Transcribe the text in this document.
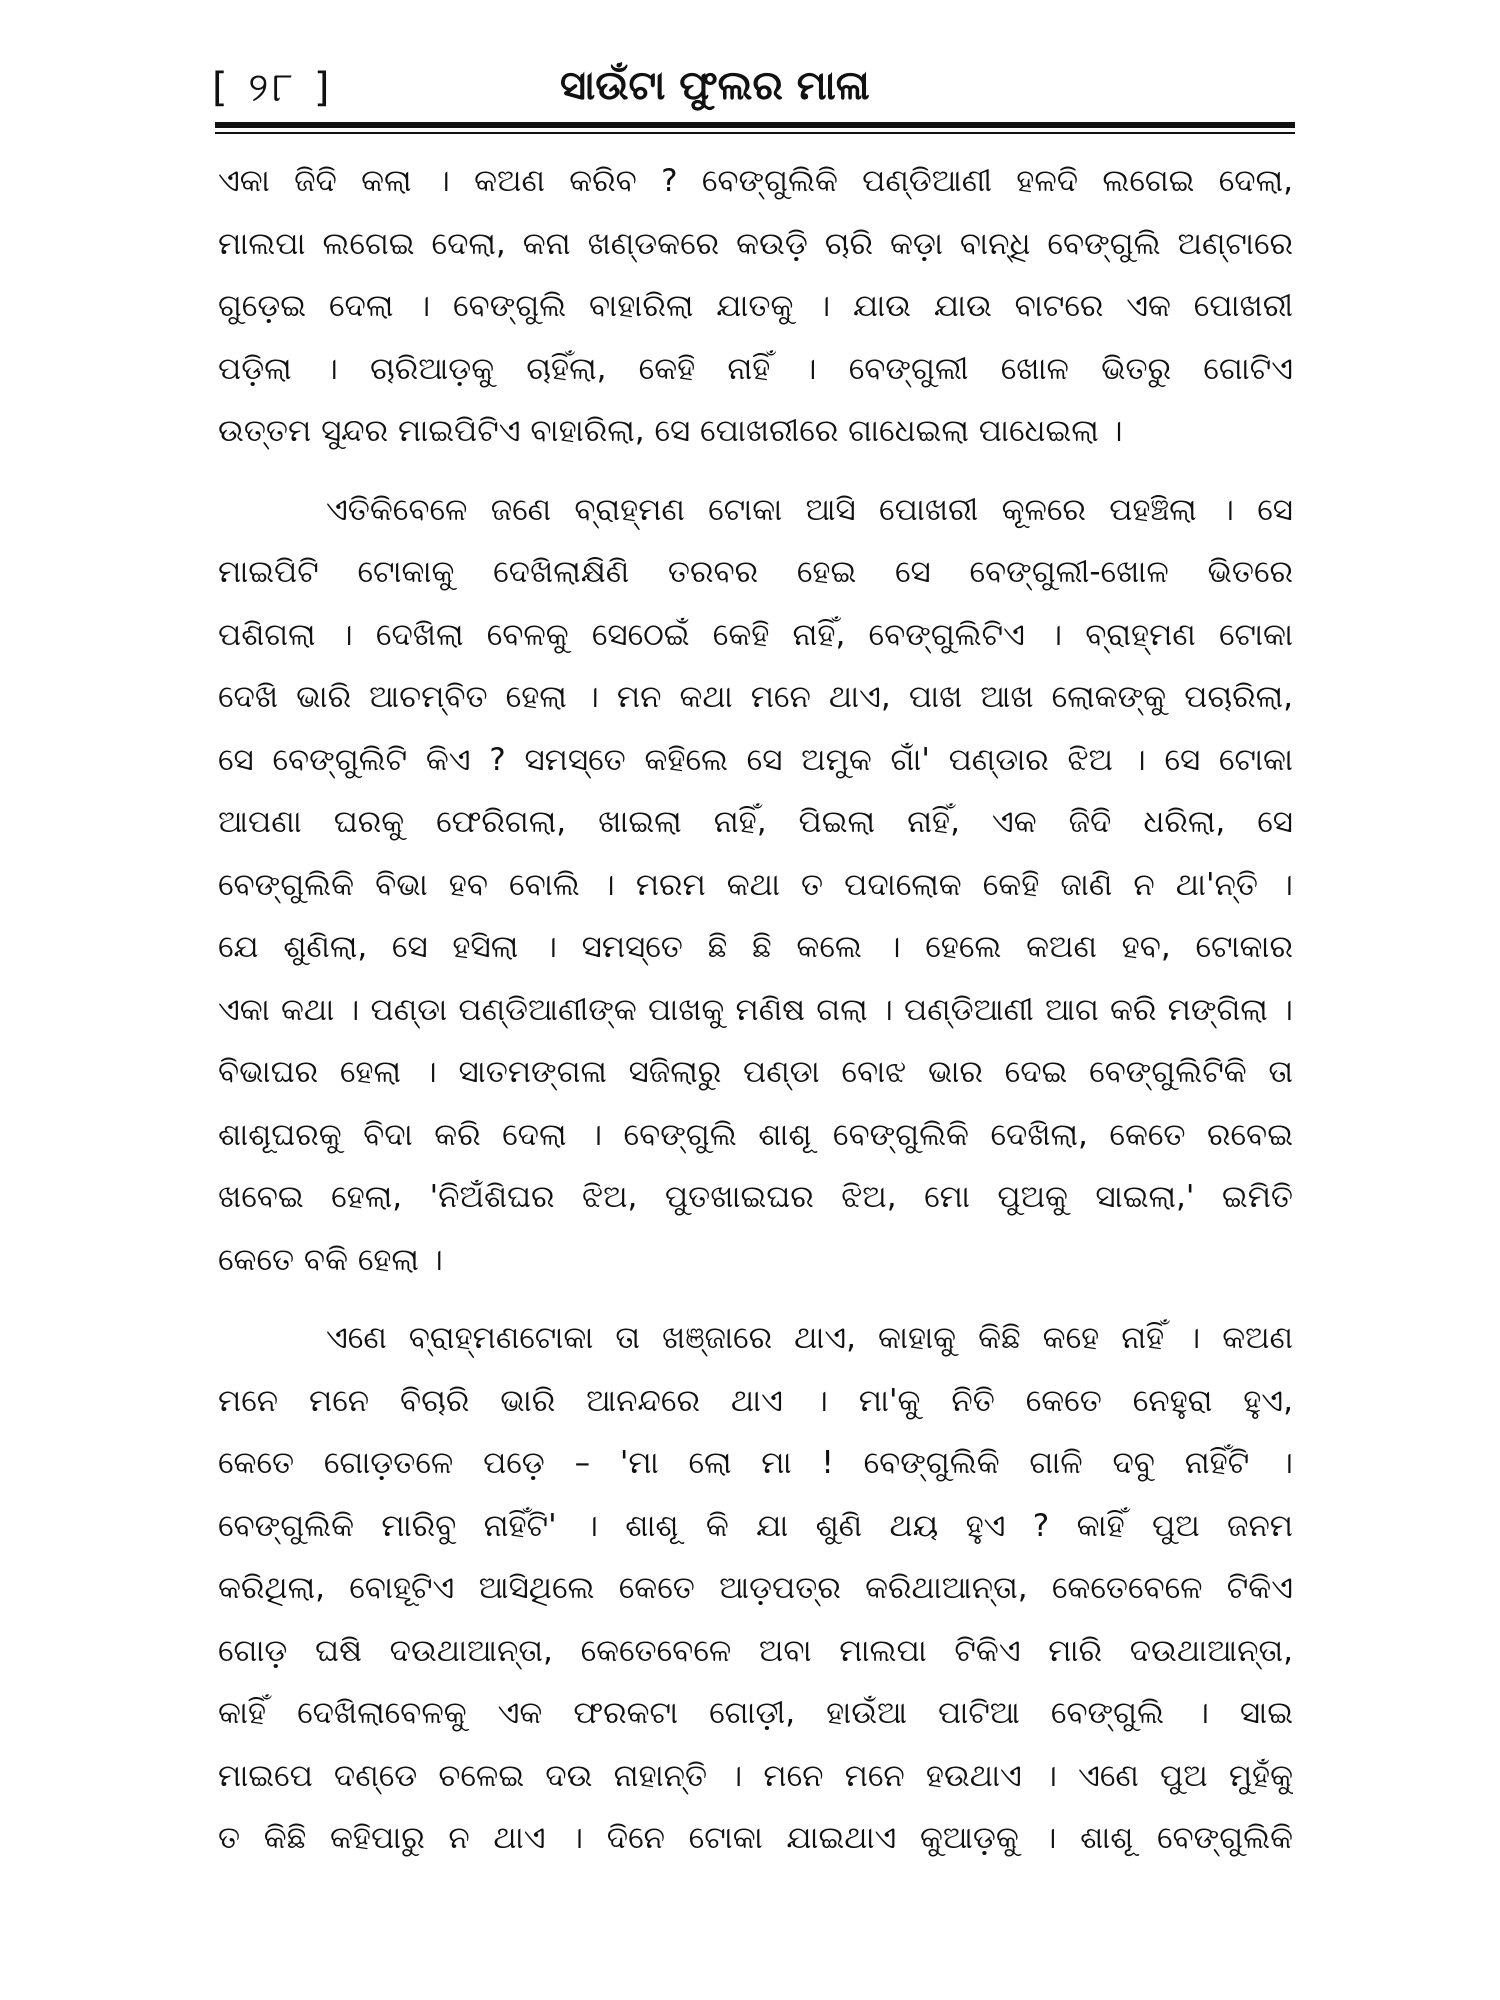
[ ୨୮ ]	ସାଉଁଟା ଫୁଲର ମାଳା
ଏକା ଜିଦି କଲା । କଅଣ କରିବ ? ବେଙ୍ଗୁଲିକି ପଣ୍ଡିଆଣୀ ହଳଦି ଲଗେଇ ଦେଲା,
ମାଲପା ଲଗେଇ ଦେଲା, କନା ଖଣ୍ଡକରେ କଉଡ଼ି ଚାରି କଡ଼ା ବାନ୍ଧି ବେଙ୍ଗୁଲି ଅଣ୍ଟାରେ
ଗୁଡ଼େଇ ଦେଲା । ବେଙ୍ଗୁଲି ବାହାରିଲା ଯାତକୁ । ଯାଉ ଯାଉ ବାଟରେ ଏକ ପୋଖରୀ
ପଡ଼ିଲା । ଚାରିଆଡ଼କୁ ଚାହିଁଲା, କେହି ନାହିଁ । ବେଙ୍ଗୁଲୀ ଖୋଳ ଭିତରୁ ଗୋଟିଏ
ଉତ୍ତମ ସୁନ୍ଦର ମାଇପିଟିଏ ବାହାରିଲା, ସେ ପୋଖରୀରେ ଗାଧେଇଲା ପାଧେଇଲା ।
ଏତିକିବେଳେ ଜଣେ ବ୍ରାହ୍ମଣ ଟୋକା ଆସି ପୋଖରୀ କୂଳରେ ପହଞ୍ଚିଲା । ସେ
ମାଇପିଟି ଟୋକାକୁ ଦେଖିଲାକ୍ଷିଣି ତରବର ହେଇ ସେ ବେଙ୍ଗୁଲୀ-ଖୋଳ ଭିତରେ
ପଶିଗଲା । ଦେଖିଲା ବେଳକୁ ସେଠେଇଁ କେହି ନାହିଁ, ବେଙ୍ଗୁଲିଟିଏ । ବ୍ରାହ୍ମଣ ଟୋକା
ଦେଖି ଭାରି ଆଚମ୍ବିତ ହେଲା । ମନ କଥା ମନେ ଥାଏ, ପାଖ ଆଖ ଲୋକଙ୍କୁ ପଚାରିଲା,
ସେ ବେଙ୍ଗୁଲିଟି କିଏ ? ସମସ୍ତେ କହିଲେ ସେ ଅମୁକ ଗାଁ' ପଣ୍ଡାର ଝିଅ । ସେ ଟୋକା
ଆପଣା ଘରକୁ ଫେରିଗଲା, ଖାଇଲା ନାହିଁ, ପିଇଲା ନାହିଁ, ଏକ ଜିଦି ଧରିଲା, ସେ
ବେଙ୍ଗୁଲିକି ବିଭା ହବ ବୋଲି । ମରମ କଥା ତ ପଦାଲୋକ କେହି ଜାଣି ନ ଥା'ନ୍ତି ।
ଯେ ଶୁଣିଲା, ସେ ହସିଲା । ସମସ୍ତେ ଛି ଛି କଲେ । ହେଲେ କଅଣ ହବ, ଟୋକାର
ଏକା କଥା । ପଣ୍ଡା ପଣ୍ଡିଆଣୀଙ୍କ ପାଖକୁ ମଣିଷ ଗଲା । ପଣ୍ଡିଆଣୀ ଆଗ କରି ମଙ୍ଗିଲା ।
ବିଭାଘର ହେଲା । ସାତମଙ୍ଗଳା ସଜିଲାରୁ ପଣ୍ଡା ବୋଝ ଭାର ଦେଇ ବେଙ୍ଗୁଲିଟିକି ତା
ଶାଶୂଘରକୁ ବିଦା କରି ଦେଲା । ବେଙ୍ଗୁଲି ଶାଶୂ ବେଙ୍ଗୁଲିକି ଦେଖିଲା, କେତେ ରବେଇ
ଖବେଇ ହେଲା, 'ନିଅଁଶିଘର ଝିଅ, ପୁତଖାଇଘର ଝିଅ, ମୋ ପୁଅକୁ ସାଇଲା,' ଇମିତି
କେତେ ବକି ହେଲା ।
ଏଣେ ବ୍ରାହ୍ମଣଟୋକା ତା ଖଞ୍ଜାରେ ଥାଏ, କାହାକୁ କିଛି କହେ ନାହିଁ । କଅଣ
ମନେ ମନେ ବିଚାରି ଭାରି ଆନନ୍ଦରେ ଥାଏ । ମା'କୁ ନିତି କେତେ ନେହୁରା ହୁଏ,
କେତେ ଗୋଡ଼ତଳେ ପଡ଼େ – 'ମା ଲୋ ମା ! ବେଙ୍ଗୁଲିକି ଗାଳି ଦବୁ ନାହିଁଟି ।
ବେଙ୍ଗୁଲିକି ମାରିବୁ ନାହିଁଟି' । ଶାଶୂ କି ଯା ଶୁଣି ଥୟ ହୁଏ ? କାହିଁ ପୁଅ ଜନମ
କରିଥିଲା, ବୋହୂଟିଏ ଆସିଥିଲେ କେତେ ଆଡ଼ପତ୍ର କରିଥାଆନ୍ତା, କେତେବେଳେ ଟିକିଏ
ଗୋଡ଼ ଘଷି ଦଉଥାଆନ୍ତା, କେତେବେଳେ ଅବା ମାଲପା ଟିକିଏ ମାରି ଦଉଥାଆନ୍ତା,
କାହିଁ ଦେଖିଲାବେଳକୁ ଏକ ଫରକଟା ଗୋଡ଼ୀ, ହାଉଁଆ ପାଟିଆ ବେଙ୍ଗୁଲି । ସାଇ
ମାଇପେ ଦଣ୍ଡେ ଚଳେଇ ଦଉ ନାହାନ୍ତି । ମନେ ମନେ ହଉଥାଏ । ଏଣେ ପୁଅ ମୁହଁକୁ
ତ କିଛି କହିପାରୁ ନ ଥାଏ । ଦିନେ ଟୋକା ଯାଇଥାଏ କୁଆଡ଼କୁ । ଶାଶୂ ବେଙ୍ଗୁଲିକି
